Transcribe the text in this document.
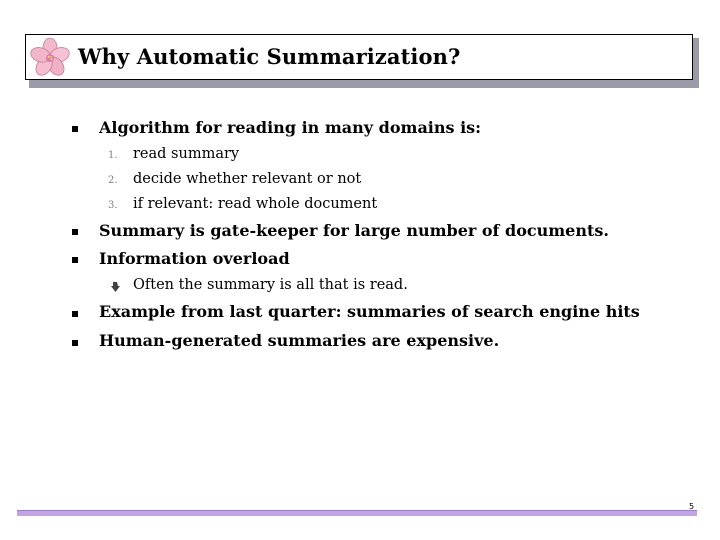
Why Automatic Summarization?
Algorithm for reading in many domains is:
1. read summary
2. decide whether relevant or not
3. if relevant: read whole document
Summary is gate-keeper for large number of documents.
Information overload
Often the summary is all that is read.
Example from last quarter: summaries of search engine hits
Human-generated summaries are expensive.
5
